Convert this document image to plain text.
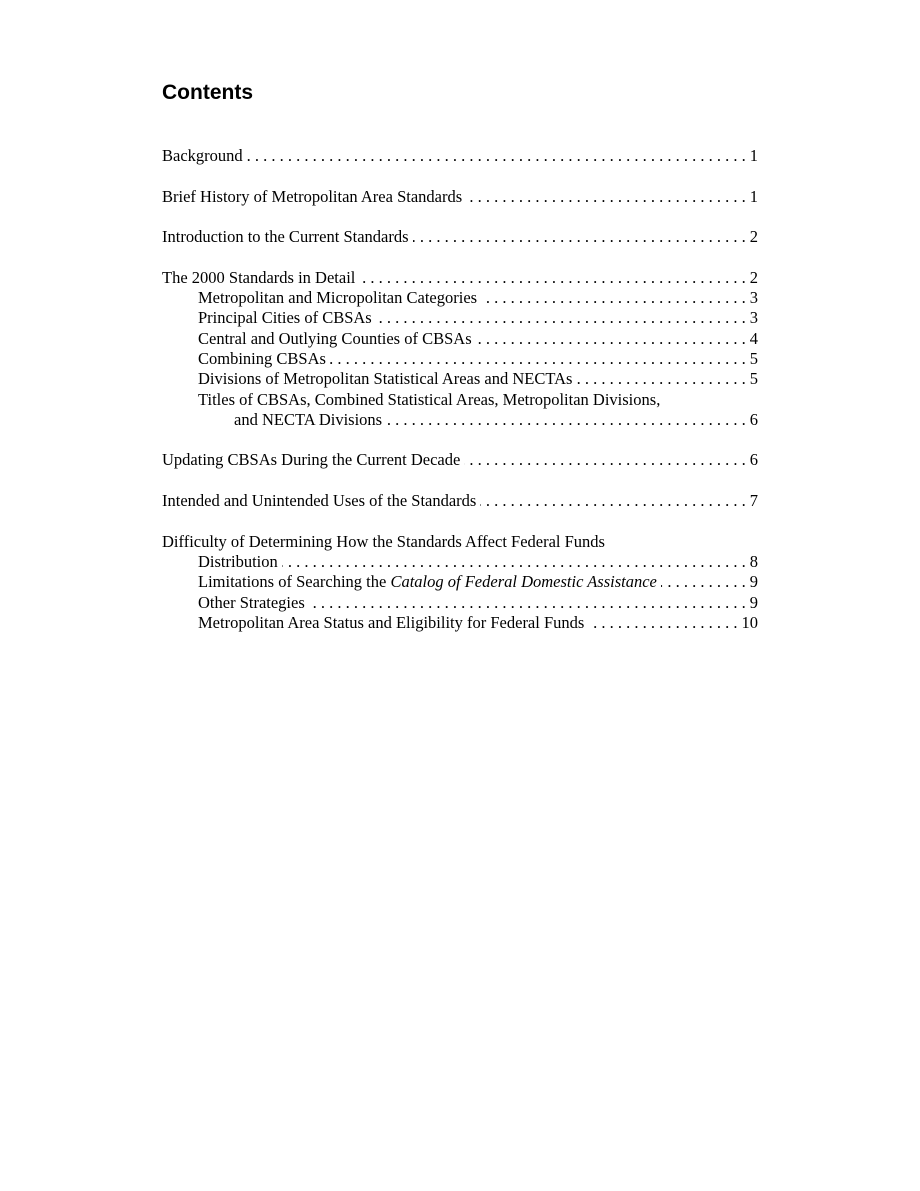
Contents
Background . . .	1
Brief History of Metropolitan Area Standards . . .	1
Introduction to the Current Standards . . .	2
The 2000 Standards in Detail . . .	2
Metropolitan and Micropolitan Categories . . .	3
Principal Cities of CBSAs . . .	3
Central and Outlying Counties of CBSAs . . .	4
Combining CBSAs . . .	5
Divisions of Metropolitan Statistical Areas and NECTAs . . .	5
Titles of CBSAs, Combined Statistical Areas, Metropolitan Divisions,
and NECTA Divisions . . .	6
Updating CBSAs During the Current Decade . . .	6
Intended and Unintended Uses of the Standards . . .	7
Difficulty of Determining How the Standards Affect Federal Funds
Distribution . . .	8
Limitations of Searching the Catalog of Federal Domestic Assistance . . .	9
Other Strategies . . .	9
Metropolitan Area Status and Eligibility for Federal Funds . . .	10
